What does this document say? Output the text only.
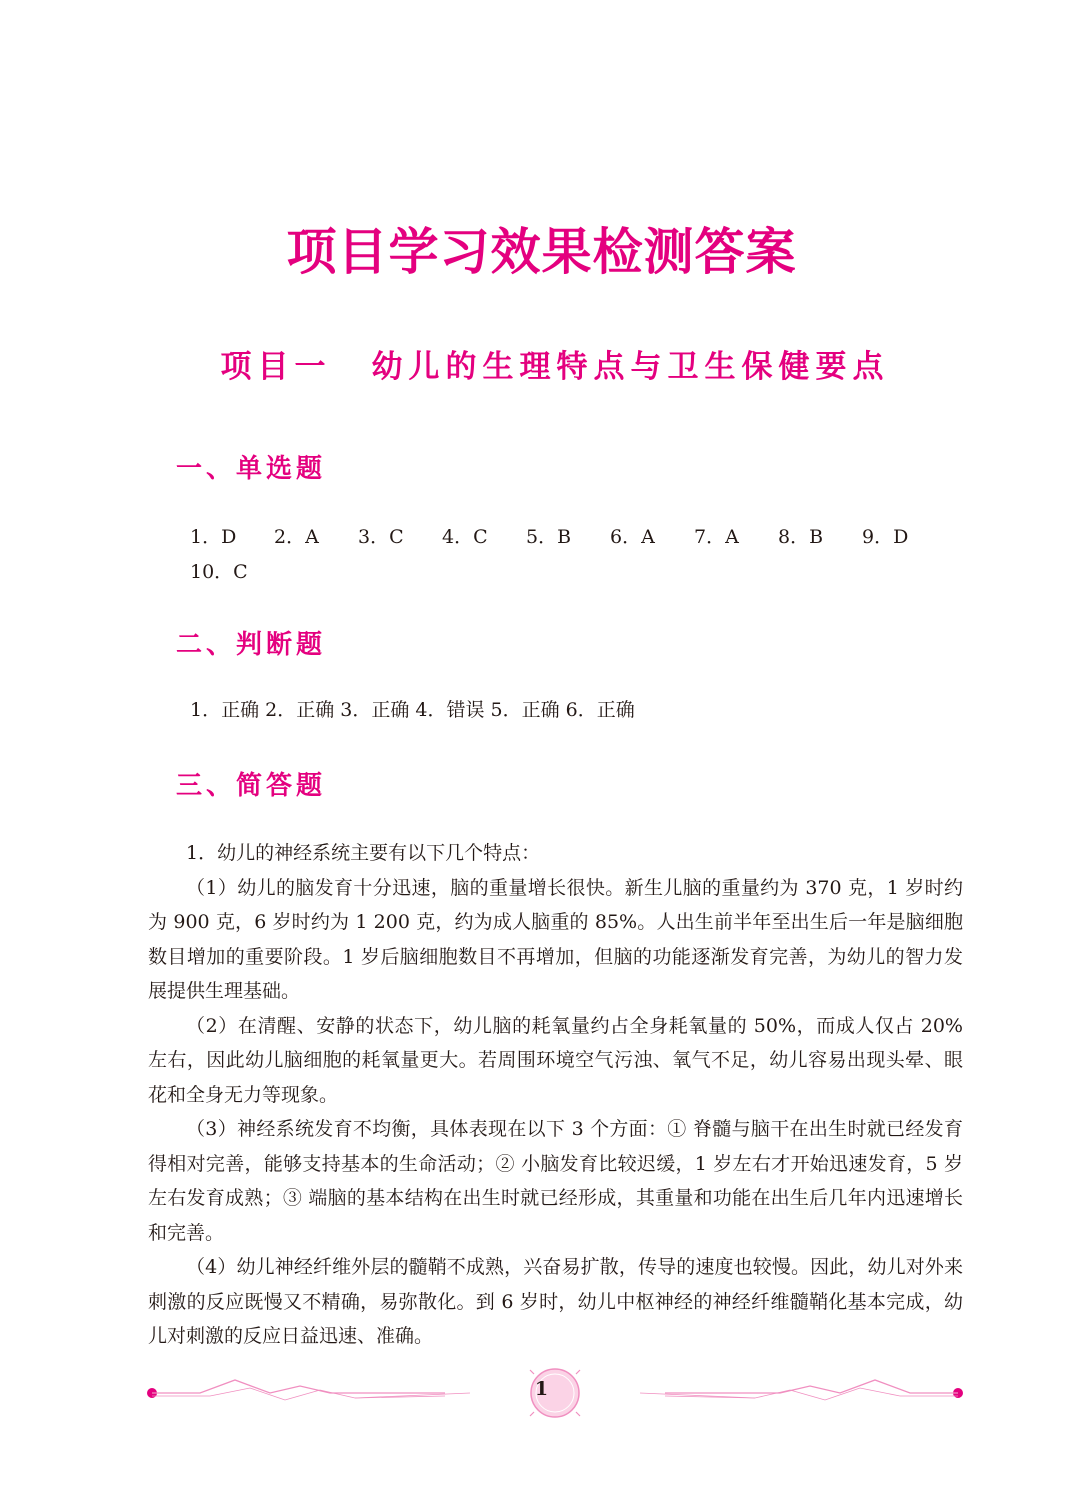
项目学习效果检测答案
项目一 幼儿的生理特点与卫生保健要点
一、单选题
1．D	2．A	3．C	4．C	5．B	6．A	7．A	8．B	9．D
10．C
二、判断题
1．正确 2．正确 3．正确 4．错误 5．正确 6．正确
三、简答题

1．幼儿的神经系统主要有以下几个特点：

（1）幼儿的脑发育十分迅速，脑的重量增长很快。新生儿脑的重量约为 370 克，1 岁时约为 900 克，6 岁时约为 1 200 克，约为成人脑重的 85%。人出生前半年至出生后一年是脑细胞数目增加的重要阶段。1 岁后脑细胞数目不再增加，但脑的功能逐渐发育完善，为幼儿的智力发展提供生理基础。

（2）在清醒、安静的状态下，幼儿脑的耗氧量约占全身耗氧量的 50%，而成人仅占 20% 左右，因此幼儿脑细胞的耗氧量更大。若周围环境空气污浊、氧气不足，幼儿容易出现头晕、眼花和全身无力等现象。

（3）神经系统发育不均衡，具体表现在以下 3 个方面：① 脊髓与脑干在出生时就已经发育得相对完善，能够支持基本的生命活动；② 小脑发育比较迟缓，1 岁左右才开始迅速发育，5 岁左右发育成熟；③ 端脑的基本结构在出生时就已经形成，其重量和功能在出生后几年内迅速增长和完善。

（4）幼儿神经纤维外层的髓鞘不成熟，兴奋易扩散，传导的速度也较慢。因此，幼儿对外来刺激的反应既慢又不精确，易弥散化。到 6 岁时，幼儿中枢神经的神经纤维髓鞘化基本完成，幼儿对刺激的反应日益迅速、准确。

1
